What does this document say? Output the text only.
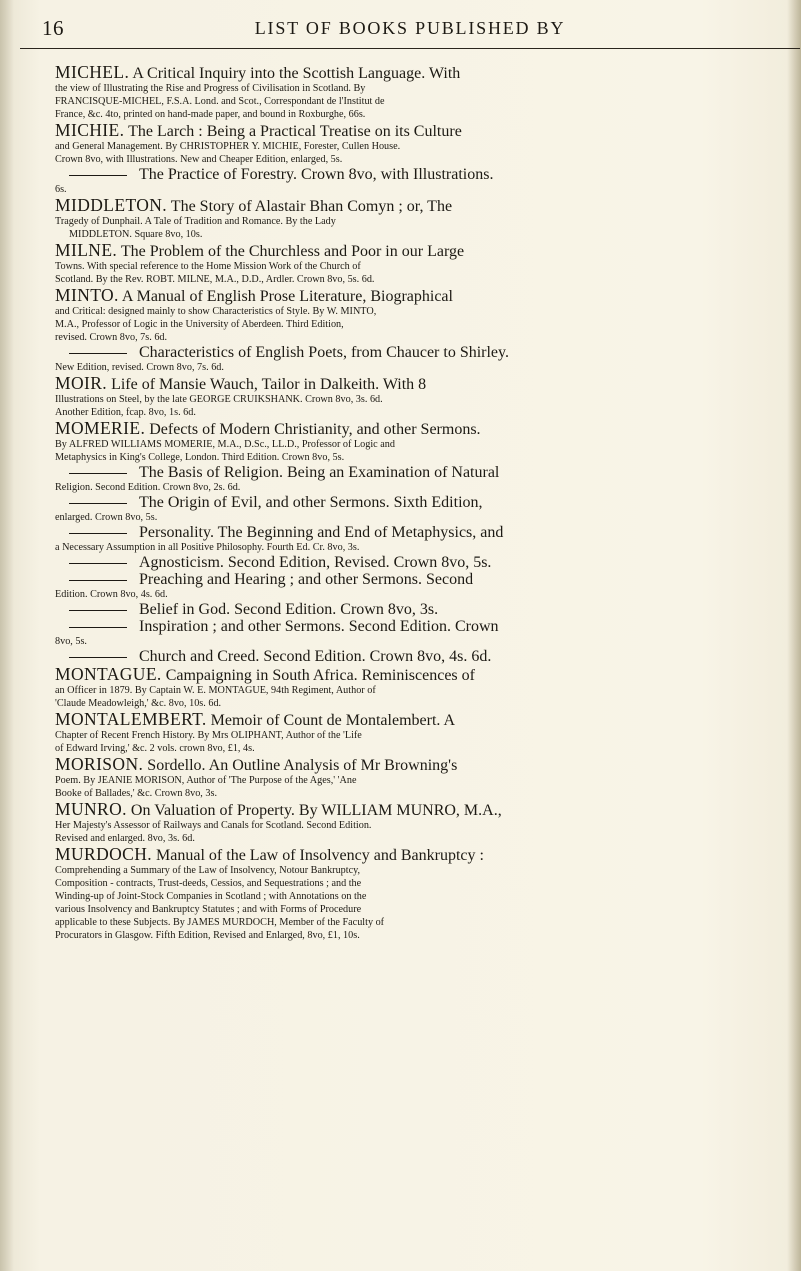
16	LIST OF BOOKS PUBLISHED BY
MICHEL. A Critical Inquiry into the Scottish Language. With
the view of Illustrating the Rise and Progress of Civilisation in Scotland. By
FRANCISQUE-MICHEL, F.S.A. Lond. and Scot., Correspondant de l'Institut de
France, &c. 4to, printed on hand-made paper, and bound in Roxburghe, 66s.
MICHIE. The Larch : Being a Practical Treatise on its Culture
and General Management. By CHRISTOPHER Y. MICHIE, Forester, Cullen House.
Crown 8vo, with Illustrations. New and Cheaper Edition, enlarged, 5s.
The Practice of Forestry. Crown 8vo, with Illustrations.
6s.
MIDDLETON. The Story of Alastair Bhan Comyn ; or, The
Tragedy of Dunphail. A Tale of Tradition and Romance. By the Lady
MIDDLETON. Square 8vo, 10s.
MILNE. The Problem of the Churchless and Poor in our Large
Towns. With special reference to the Home Mission Work of the Church of
Scotland. By the Rev. ROBT. MILNE, M.A., D.D., Ardler. Crown 8vo, 5s. 6d.
MINTO. A Manual of English Prose Literature, Biographical
and Critical: designed mainly to show Characteristics of Style. By W. MINTO,
M.A., Professor of Logic in the University of Aberdeen. Third Edition,
revised. Crown 8vo, 7s. 6d.
Characteristics of English Poets, from Chaucer to Shirley.
New Edition, revised. Crown 8vo, 7s. 6d.
MOIR. Life of Mansie Wauch, Tailor in Dalkeith. With 8
Illustrations on Steel, by the late GEORGE CRUIKSHANK. Crown 8vo, 3s. 6d.
Another Edition, fcap. 8vo, 1s. 6d.
MOMERIE. Defects of Modern Christianity, and other Sermons.
By ALFRED WILLIAMS MOMERIE, M.A., D.Sc., LL.D., Professor of Logic and
Metaphysics in King's College, London. Third Edition. Crown 8vo, 5s.
The Basis of Religion. Being an Examination of Natural
Religion. Second Edition. Crown 8vo, 2s. 6d.
The Origin of Evil, and other Sermons. Sixth Edition,
enlarged. Crown 8vo, 5s.
Personality. The Beginning and End of Metaphysics, and
a Necessary Assumption in all Positive Philosophy. Fourth Ed. Cr. 8vo, 3s.
Agnosticism. Second Edition, Revised. Crown 8vo, 5s.
Preaching and Hearing ; and other Sermons. Second
Edition. Crown 8vo, 4s. 6d.
Belief in God. Second Edition. Crown 8vo, 3s.
Inspiration ; and other Sermons. Second Edition. Crown
8vo, 5s.
Church and Creed. Second Edition. Crown 8vo, 4s. 6d.
MONTAGUE. Campaigning in South Africa. Reminiscences of
an Officer in 1879. By Captain W. E. MONTAGUE, 94th Regiment, Author of
'Claude Meadowleigh,' &c. 8vo, 10s. 6d.
MONTALEMBERT. Memoir of Count de Montalembert. A
Chapter of Recent French History. By Mrs OLIPHANT, Author of the 'Life
of Edward Irving,' &c. 2 vols. crown 8vo, £1, 4s.
MORISON. Sordello. An Outline Analysis of Mr Browning's
Poem. By JEANIE MORISON, Author of 'The Purpose of the Ages,' 'Ane
Booke of Ballades,' &c. Crown 8vo, 3s.
MUNRO. On Valuation of Property. By WILLIAM MUNRO, M.A.,
Her Majesty's Assessor of Railways and Canals for Scotland. Second Edition.
Revised and enlarged. 8vo, 3s. 6d.
MURDOCH. Manual of the Law of Insolvency and Bankruptcy :
Comprehending a Summary of the Law of Insolvency, Notour Bankruptcy,
Composition - contracts, Trust-deeds, Cessios, and Sequestrations ; and the
Winding-up of Joint-Stock Companies in Scotland ; with Annotations on the
various Insolvency and Bankruptcy Statutes ; and with Forms of Procedure
applicable to these Subjects. By JAMES MURDOCH, Member of the Faculty of
Procurators in Glasgow. Fifth Edition, Revised and Enlarged, 8vo, £1, 10s.
